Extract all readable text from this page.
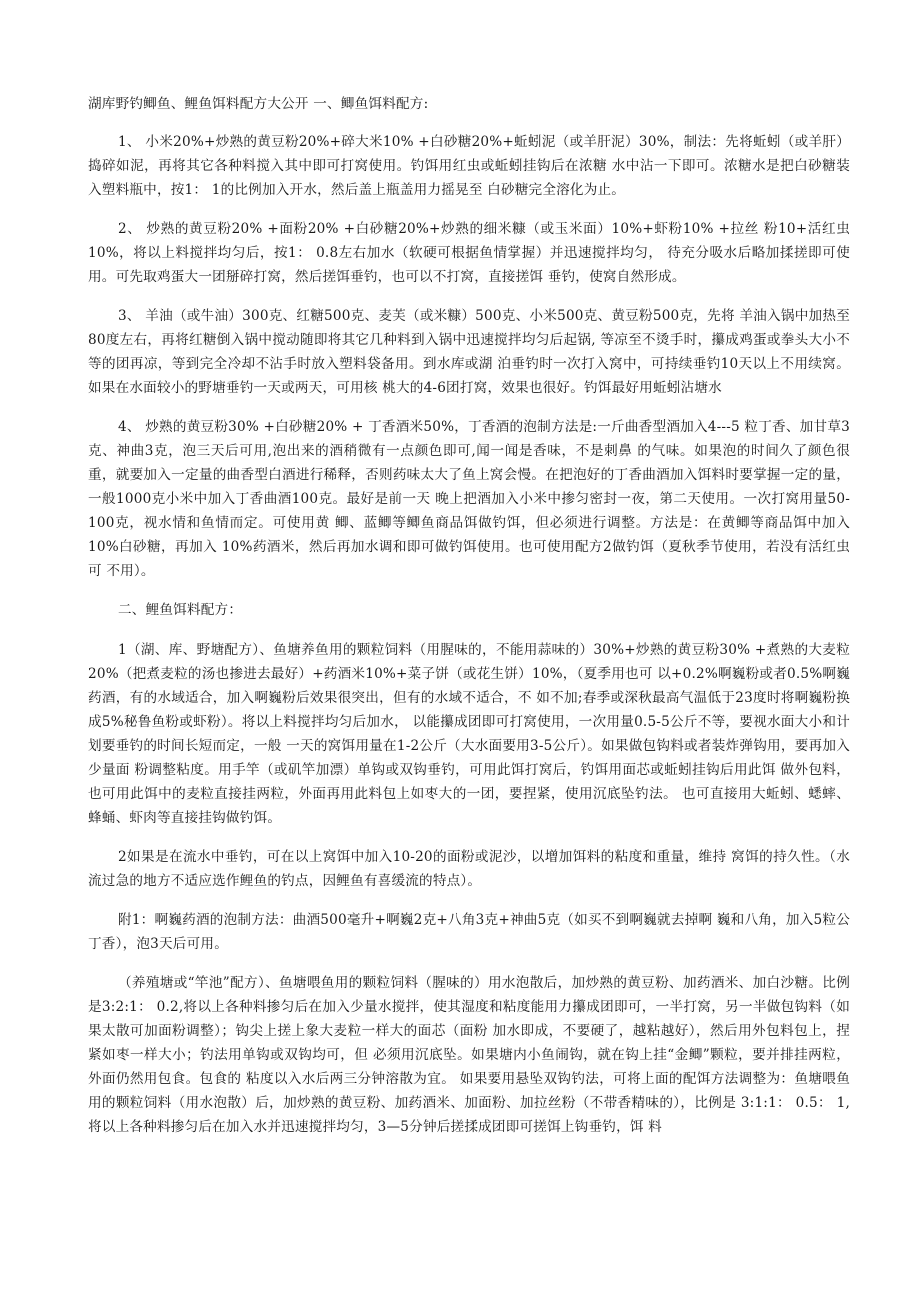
湖库野钓鲫鱼、鲤鱼饵料配方大公开 一、鲫鱼饵料配方:

1、 小米20%+炒熟的黄豆粉20%+碎大米10% +白砂糖20%+蚯蚓泥（或羊肝泥）30%，制法：先将蚯蚓（或羊肝）捣碎如泥，再将其它各种料搅入其中即可打窝使用。钓饵用红虫或蚯蚓挂钩后在浓糖 水中沾一下即可。浓糖水是把白砂糖装入塑料瓶中，按1： 1的比例加入开水，然后盖上瓶盖用力摇晃至 白砂糖完全溶化为止。

2、 炒熟的黄豆粉20% +面粉20% +白砂糖20%+炒熟的细米糠（或玉米面）10%+虾粉10% +拉丝 粉10+活红虫10%，将以上料搅拌均匀后，按1： 0.8左右加水（软硬可根据鱼情掌握）并迅速搅拌均匀， 待充分吸水后略加揉搓即可使用。可先取鸡蛋大一团掰碎打窝，然后搓饵垂钓，也可以不打窝，直接搓饵 垂钓，使窝自然形成。

3、 羊油（或牛油）300克、红糖500克、麦芙（或米糠）500克、小米500克、黄豆粉500克，先将 羊油入锅中加热至80度左右，再将红糖倒入锅中搅动随即将其它几种料到入锅中迅速搅拌均匀后起锅, 等凉至不烫手时，攥成鸡蛋或拳头大小不等的团再凉，等到完全冷却不沾手时放入塑料袋备用。到水库或湖 泊垂钓时一次打入窝中，可持续垂钓10天以上不用续窝。如果在水面较小的野塘垂钓一天或两天，可用核 桃大的4-6团打窝，效果也很好。钓饵最好用蚯蚓沾塘水

4、 炒熟的黄豆粉30% +白砂糖20% + 丁香酒米50%，丁香酒的泡制方法是:一斤曲香型酒加入4---5 粒丁香、加甘草3克、神曲3克，泡三天后可用,泡出来的酒稍微有一点颜色即可,闻一闻是香味，不是刺鼻 的气味。如果泡的时间久了颜色很重，就要加入一定量的曲香型白酒进行稀释，否则药味太大了鱼上窝会慢。在把泡好的丁香曲酒加入饵料时要掌握一定的量，一般1000克小米中加入丁香曲酒100克。最好是前一天 晚上把酒加入小米中掺匀密封一夜，第二天使用。一次打窝用量50-100克，视水情和鱼情而定。可使用黄 鲫、蓝鲫等鲫鱼商品饵做钓饵，但必须进行调整。方法是：在黄鲫等商品饵中加入10%白砂糖，再加入 10%药酒米，然后再加水调和即可做钓饵使用。也可使用配方2做钓饵（夏秋季节使用，若没有活红虫可 不用）。

二、鲤鱼饵料配方：

1（湖、库、野塘配方）、鱼塘养鱼用的颗粒饲料（用腥味的，不能用蒜味的）30%+炒熟的黄豆粉30% +煮熟的大麦粒20%（把煮麦粒的汤也掺进去最好）+药酒米10%+菜子饼（或花生饼）10%，（夏季用也可 以+0.2%啊巍粉或者0.5%啊巍药酒，有的水域适合，加入啊巍粉后效果很突出，但有的水域不适合，不 如不加;春季或深秋最高气温低于23度时将啊巍粉换成5%秘鲁鱼粉或虾粉）。将以上料搅拌均匀后加水， 以能攥成团即可打窝使用，一次用量0.5-5公斤不等，要视水面大小和计划要垂钓的时间长短而定，一般 一天的窝饵用量在1-2公斤（大水面要用3-5公斤）。如果做包钩料或者装炸弹钩用，要再加入少量面 粉调整粘度。用手竿（或矶竿加漂）单钩或双钩垂钓，可用此饵打窝后，钓饵用面芯或蚯蚓挂钩后用此饵 做外包料，也可用此饵中的麦粒直接挂两粒，外面再用此料包上如枣大的一团，要捏紧，使用沉底坠钓法。 也可直接用大蚯蚓、蟋蟀、蜂蛹、虾肉等直接挂钩做钓饵。

2如果是在流水中垂钓，可在以上窝饵中加入10-20的面粉或泥沙，以增加饵料的粘度和重量，维持 窝饵的持久性。（水流过急的地方不适应选作鲤鱼的钓点，因鲤鱼有喜缓流的特点）。

附1：啊巍药酒的泡制方法：曲酒500毫升+啊巍2克+八角3克+神曲5克（如买不到啊巍就去掉啊 巍和八角，加入5粒公丁香），泡3天后可用。

（养殖塘或“竿池”配方）、鱼塘喂鱼用的颗粒饲料（腥味的）用水泡散后，加炒熟的黄豆粉、加药酒米、加白沙糖。比例是3:2:1： 0.2,将以上各种料掺匀后在加入少量水搅拌，使其湿度和粘度能用力攥成团即可，一半打窝，另一半做包钩料（如果太散可加面粉调整）；钩尖上搓上象大麦粒一样大的面芯（面粉 加水即成，不要硬了，越粘越好），然后用外包料包上，捏紧如枣一样大小；钓法用单钩或双钩均可，但 必须用沉底坠。如果塘内小鱼闹钩，就在钩上挂“金鲫”颗粒，要并排挂两粒，外面仍然用包食。包食的 粘度以入水后两三分钟溶散为宜。 如果要用悬坠双钩钓法，可将上面的配饵方法调整为：鱼塘喂鱼用的颗粒饲料（用水泡散）后，加炒熟的黄豆粉、加药酒米、加面粉、加拉丝粉（不带香精味的），比例是 3:1:1： 0.5： 1,将以上各种料掺匀后在加入水并迅速搅拌均匀，3—5分钟后搓揉成团即可搓饵上钩垂钓，饵 料
